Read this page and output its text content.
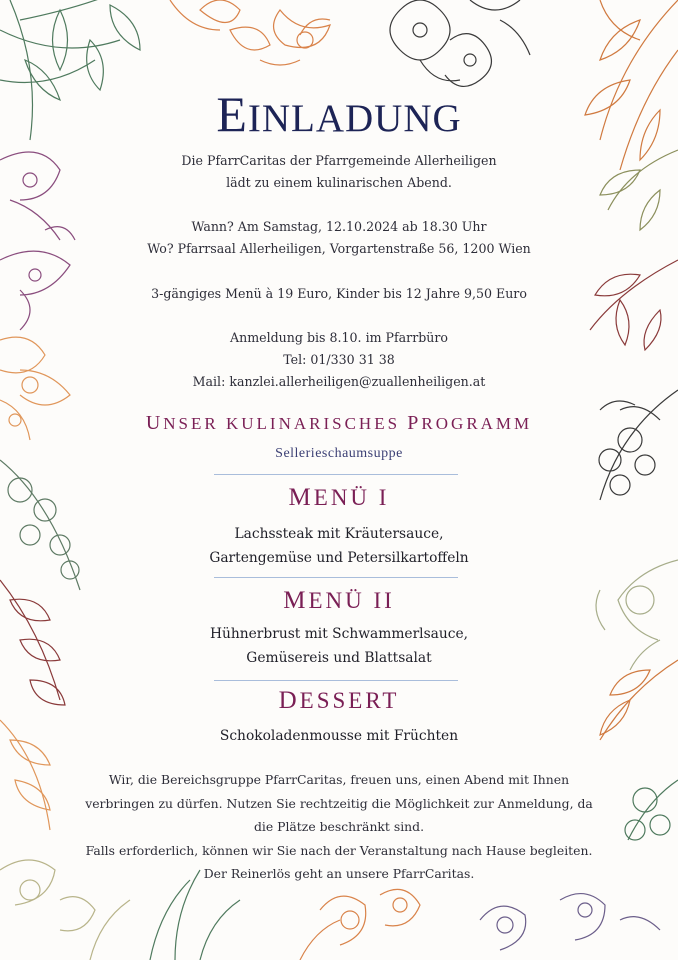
EINLADUNG
Die PfarrCaritas der Pfarrgemeinde Allerheiligen
lädt zu einem kulinarischen Abend.
Wann? Am Samstag, 12.10.2024 ab 18.30 Uhr
Wo? Pfarrsaal Allerheiligen, Vorgartenstraße 56, 1200 Wien
3-gängiges Menü à 19 Euro, Kinder bis 12 Jahre 9,50 Euro
Anmeldung bis 8.10. im Pfarrbüro
Tel: 01/330 31 38
Mail: kanzlei.allerheiligen@zuallenheiligen.at
UNSER KULINARISCHES PROGRAMM
Sellerieschaumsuppe
MENÜ I
Lachssteak mit Kräutersauce,
Gartengemüse und Petersilkartoffeln
MENÜ II
Hühnerbrust mit Schwammerlsauce,
Gemüsereis und Blattsalat
DESSERT
Schokoladenmousse mit Früchten
Wir, die Bereichsgruppe PfarrCaritas, freuen uns, einen Abend mit Ihnen
verbringen zu dürfen. Nutzen Sie rechtzeitig die Möglichkeit zur Anmeldung, da
die Plätze beschränkt sind.
Falls erforderlich, können wir Sie nach der Veranstaltung nach Hause begleiten.
Der Reinerlös geht an unsere PfarrCaritas.
